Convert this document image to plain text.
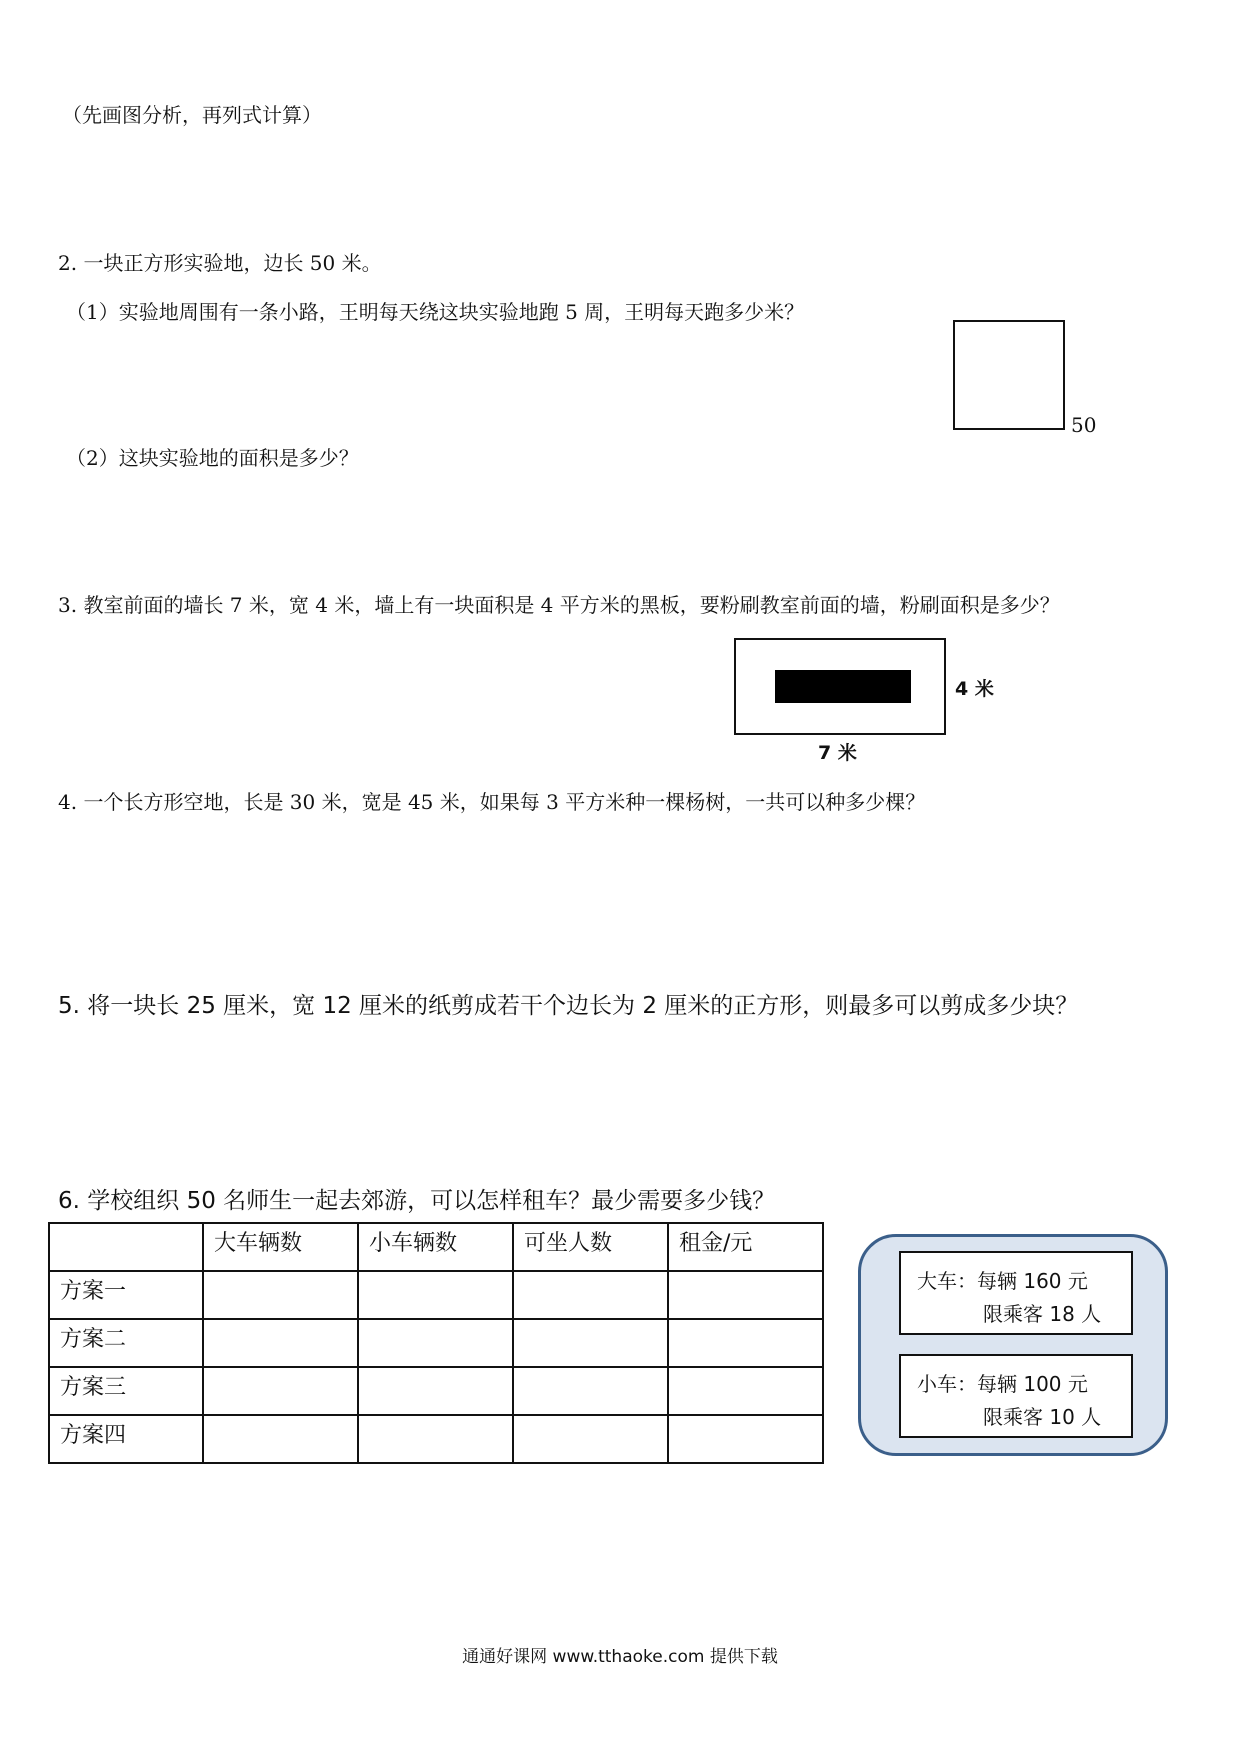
（先画图分析，再列式计算）
2. 一块正方形实验地，边长 50 米。
（1）实验地周围有一条小路，王明每天绕这块实验地跑 5 周，王明每天跑多少米？
50
（2）这块实验地的面积是多少？
3. 教室前面的墙长 7 米，宽 4 米，墙上有一块面积是 4 平方米的黑板，要粉刷教室前面的墙，粉刷面积是多少？
4 米
7 米
4. 一个长方形空地，长是 30 米，宽是 45 米，如果每 3 平方米种一棵杨树，一共可以种多少棵？
5. 将一块长 25 厘米，宽 12 厘米的纸剪成若干个边长为 2 厘米的正方形，则最多可以剪成多少块？
6. 学校组织 50 名师生一起去郊游，可以怎样租车？最少需要多少钱？
	大车辆数	小车辆数	可坐人数	租金/元
方案一				
方案二				
方案三				
方案四				
大车：每辆 160 元
限乘客 18 人
小车：每辆 100 元
限乘客 10 人
通通好课网 www.tthaoke.com 提供下载
